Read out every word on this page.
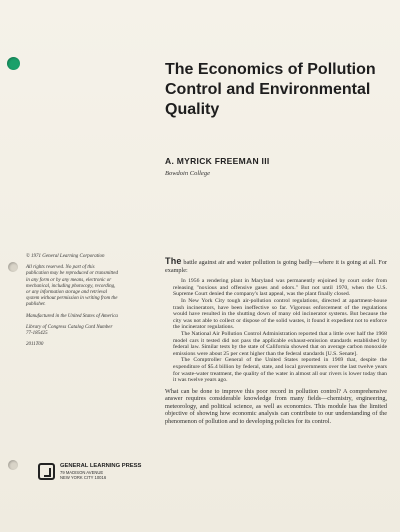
The Economics of Pollution Control and Environmental Quality

A. MYRICK FREEMAN III

Bowdoin College

© 1971 General Learning Corporation

All rights reserved. No part of this publication may be reproduced or transmitted in any form or by any means, electronic or mechanical, including photocopy, recording, or any information storage and retrieval system without permission in writing from the publisher.

Manufactured in the United States of America

Library of Congress Catalog Card Number 77-185425

2011T00

GENERAL LEARNING PRESS
79 MADISON AVENUE
NEW YORK CITY 10016

The battle against air and water pollution is going badly—where it is going at all. For example:

In 1956 a rendering plant in Maryland was permanently enjoined by court order from releasing "noxious and offensive gases and odors." But not until 1970, when the U.S. Supreme Court denied the company's last appeal, was the plant finally closed.

In New York City tough air-pollution control regulations, directed at apartment-house trash incinerators, have been ineffective so far. Vigorous enforcement of the regulations would have resulted in the shutting down of many old incinerator systems. But because the city was not able to collect or dispose of the solid wastes, it found it expedient not to enforce the incinerator regulations.

The National Air Pollution Control Administration reported that a little over half the 1968 model cars it tested did not pass the applicable exhaust-emission standards established by federal law. Similar tests by the state of California showed that on average carbon monoxide emissions were about 25 per cent higher than the federal standards [U.S. Senate].

The Comptroller General of the United States reported in 1969 that, despite the expenditure of $5.4 billion by federal, state, and local governments over the last twelve years for waste-water treatment, the quality of the water in almost all our rivers is lower today than it was twelve years ago.

What can be done to improve this poor record in pollution control? A comprehensive answer requires considerable knowledge from many fields—chemistry, engineering, meteorology, and political science, as well as economics. This module has the limited objective of showing how economic analysis can contribute to our understanding of the phenomenon of pollution and to developing policies for its control.
